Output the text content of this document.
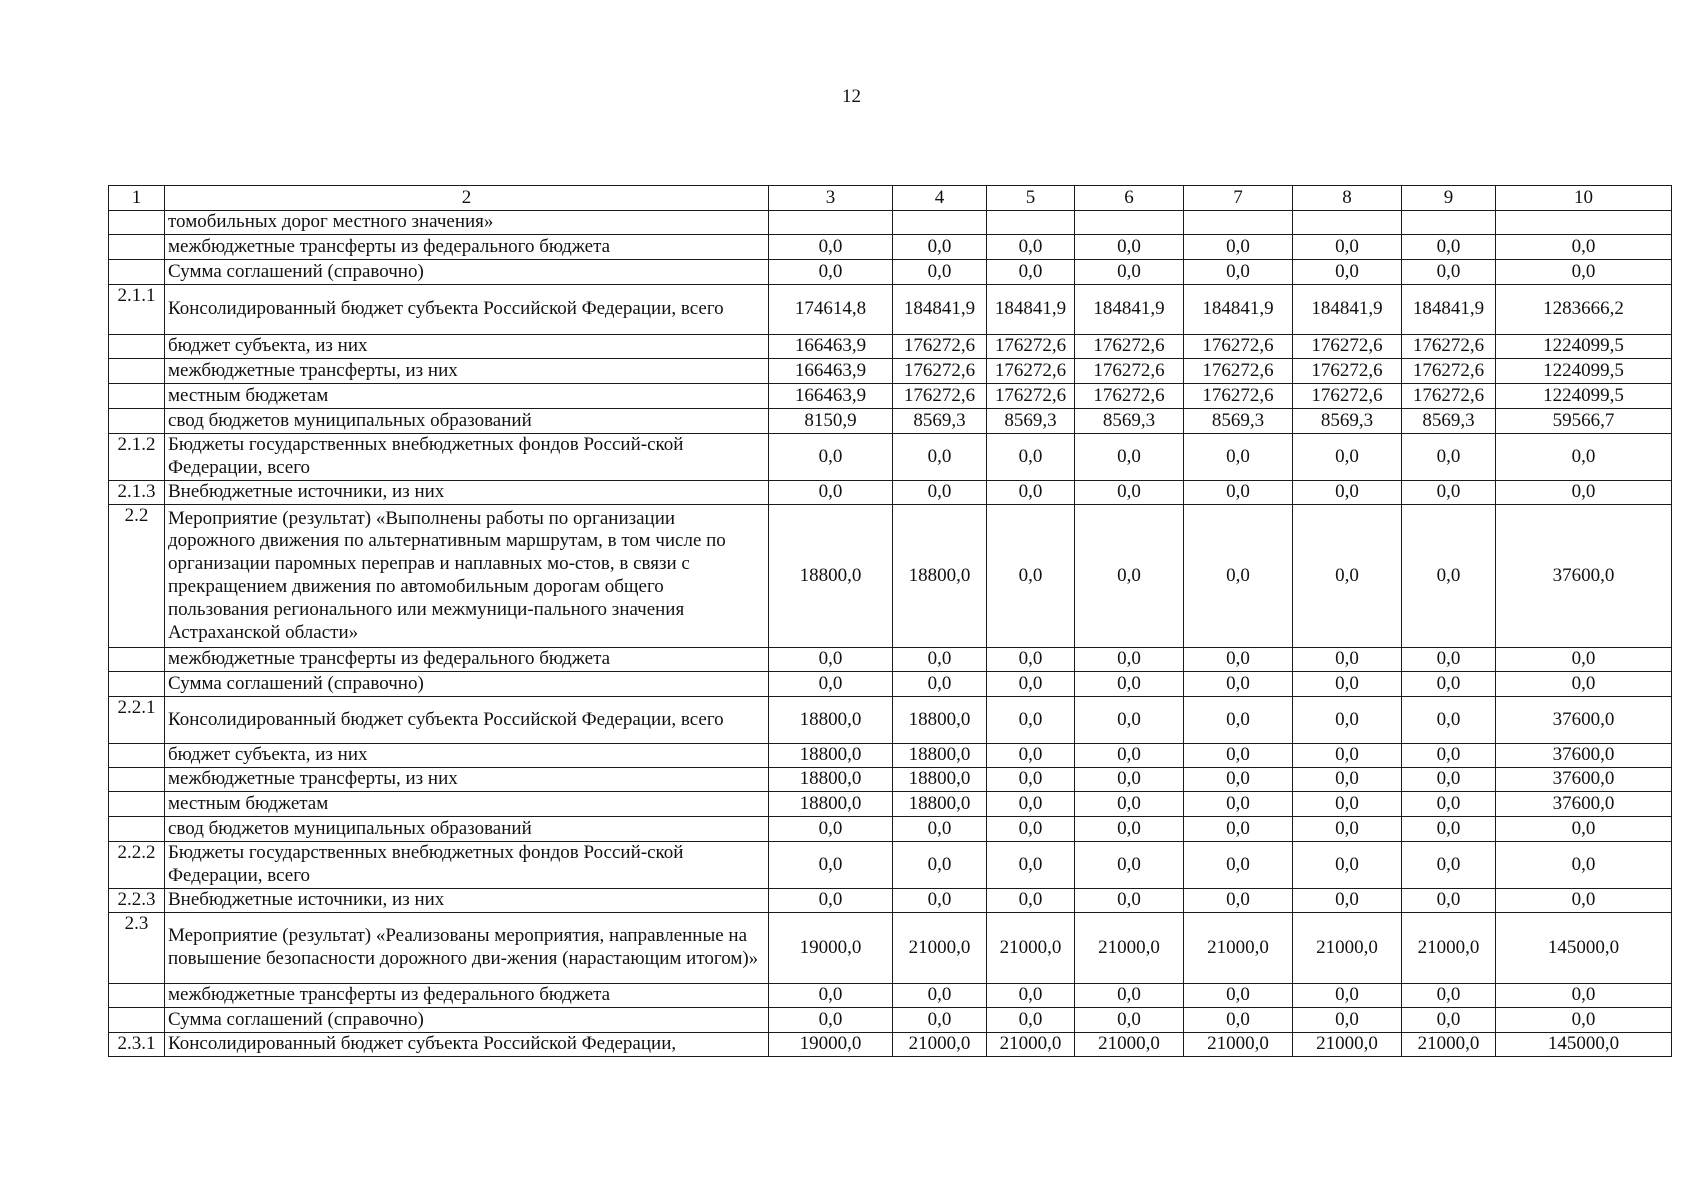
12
1	2	3	4	5	6	7	8	9	10
	томобильных дорог местного значения»								
	межбюджетные трансферты из федерального бюджета	0,0	0,0	0,0	0,0	0,0	0,0	0,0	0,0
	Сумма соглашений (справочно)	0,0	0,0	0,0	0,0	0,0	0,0	0,0	0,0
2.1.1	Консолидированный бюджет субъекта Российской Федерации, всего	174614,8	184841,9	184841,9	184841,9	184841,9	184841,9	184841,9	1283666,2
	бюджет субъекта, из них	166463,9	176272,6	176272,6	176272,6	176272,6	176272,6	176272,6	1224099,5
	межбюджетные трансферты, из них	166463,9	176272,6	176272,6	176272,6	176272,6	176272,6	176272,6	1224099,5
	местным бюджетам	166463,9	176272,6	176272,6	176272,6	176272,6	176272,6	176272,6	1224099,5
	свод бюджетов муниципальных образований	8150,9	8569,3	8569,3	8569,3	8569,3	8569,3	8569,3	59566,7
2.1.2	Бюджеты государственных внебюджетных фондов Россий-ской Федерации, всего	0,0	0,0	0,0	0,0	0,0	0,0	0,0	0,0
2.1.3	Внебюджетные источники, из них	0,0	0,0	0,0	0,0	0,0	0,0	0,0	0,0
2.2	Мероприятие (результат) «Выполнены работы по организации дорожного движения по альтернативным маршрутам, в том числе по организации паромных переправ и наплавных мо-стов, в связи с прекращением движения по автомобильным дорогам общего пользования регионального или межмуници-пального значения Астраханской области»	18800,0	18800,0	0,0	0,0	0,0	0,0	0,0	37600,0
	межбюджетные трансферты из федерального бюджета	0,0	0,0	0,0	0,0	0,0	0,0	0,0	0,0
	Сумма соглашений (справочно)	0,0	0,0	0,0	0,0	0,0	0,0	0,0	0,0
2.2.1	Консолидированный бюджет субъекта Российской Федерации, всего	18800,0	18800,0	0,0	0,0	0,0	0,0	0,0	37600,0
	бюджет субъекта, из них	18800,0	18800,0	0,0	0,0	0,0	0,0	0,0	37600,0
	межбюджетные трансферты, из них	18800,0	18800,0	0,0	0,0	0,0	0,0	0,0	37600,0
	местным бюджетам	18800,0	18800,0	0,0	0,0	0,0	0,0	0,0	37600,0
	свод бюджетов муниципальных образований	0,0	0,0	0,0	0,0	0,0	0,0	0,0	0,0
2.2.2	Бюджеты государственных внебюджетных фондов Россий-ской Федерации, всего	0,0	0,0	0,0	0,0	0,0	0,0	0,0	0,0
2.2.3	Внебюджетные источники, из них	0,0	0,0	0,0	0,0	0,0	0,0	0,0	0,0
2.3	Мероприятие (результат) «Реализованы мероприятия, направленные на повышение безопасности дорожного дви-жения (нарастающим итогом)»	19000,0	21000,0	21000,0	21000,0	21000,0	21000,0	21000,0	145000,0
	межбюджетные трансферты из федерального бюджета	0,0	0,0	0,0	0,0	0,0	0,0	0,0	0,0
	Сумма соглашений (справочно)	0,0	0,0	0,0	0,0	0,0	0,0	0,0	0,0
2.3.1	Консолидированный бюджет субъекта Российской Федерации,	19000,0	21000,0	21000,0	21000,0	21000,0	21000,0	21000,0	145000,0
